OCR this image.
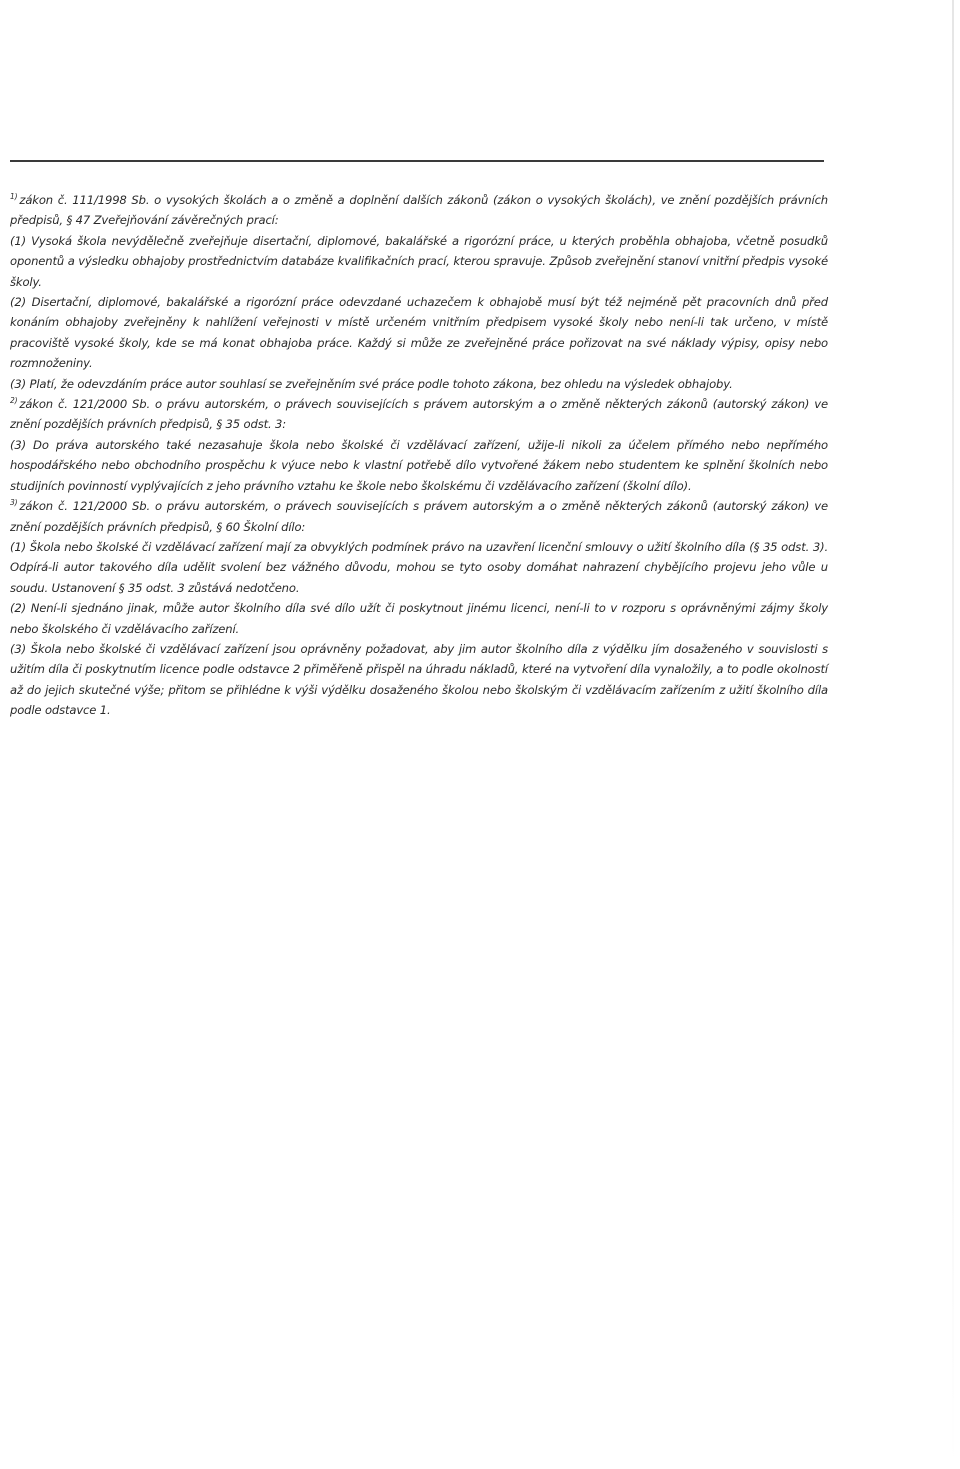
$^{1)}$ zákon č. 111/1998 Sb. o vysokých školách a o změně a doplnění dalších zákonů (zákon o vysokých školách), ve znění pozdějších právních předpisů, § 47 Zveřejňování závěrečných prací:

(1) Vysoká škola nevýdělečně zveřejňuje disertační, diplomové, bakalářské a rigorózní práce, u kterých proběhla obhajoba, včetně posudků oponentů a výsledku obhajoby prostřednictvím databáze kvalifikačních prací, kterou spravuje. Způsob zveřejnění stanoví vnitřní předpis vysoké školy.

(2) Disertační, diplomové, bakalářské a rigorózní práce odevzdané uchazečem k obhajobě musí být též nejméně pět pracovních dnů před konáním obhajoby zveřejněny k nahlížení veřejnosti v místě určeném vnitřním předpisem vysoké školy nebo není-li tak určeno, v místě pracoviště vysoké školy, kde se má konat obhajoba práce. Každý si může ze zveřejněné práce pořizovat na své náklady výpisy, opisy nebo rozmnoženiny.

(3) Platí, že odevzdáním práce autor souhlasí se zveřejněním své práce podle tohoto zákona, bez ohledu na výsledek obhajoby.

$^{2)}$ zákon č. 121/2000 Sb. o právu autorském, o právech souvisejících s právem autorským a o změně některých zákonů (autorský zákon) ve znění pozdějších právních předpisů, § 35 odst. 3:

(3) Do práva autorského také nezasahuje škola nebo školské či vzdělávací zařízení, užije-li nikoli za účelem přímého nebo nepřímého hospodářského nebo obchodního prospěchu k výuce nebo k vlastní potřebě dílo vytvořené žákem nebo studentem ke splnění školních nebo studijních povinností vyplývajících z jeho právního vztahu ke škole nebo školskému či vzdělávacího zařízení (školní dílo).

$^{3)}$ zákon č. 121/2000 Sb. o právu autorském, o právech souvisejících s právem autorským a o změně některých zákonů (autorský zákon) ve znění pozdějších právních předpisů, § 60 Školní dílo:

(1) Škola nebo školské či vzdělávací zařízení mají za obvyklých podmínek právo na uzavření licenční smlouvy o užití školního díla (§ 35 odst. 3). Odpírá-li autor takového díla udělit svolení bez vážného důvodu, mohou se tyto osoby domáhat nahrazení chybějícího projevu jeho vůle u soudu. Ustanovení § 35 odst. 3 zůstává nedotčeno.

(2) Není-li sjednáno jinak, může autor školního díla své dílo užít či poskytnout jinému licenci, není-li to v rozporu s oprávněnými zájmy školy nebo školského či vzdělávacího zařízení.

(3) Škola nebo školské či vzdělávací zařízení jsou oprávněny požadovat, aby jim autor školního díla z výdělku jím dosaženého v souvislosti s užitím díla či poskytnutím licence podle odstavce 2 přiměřeně přispěl na úhradu nákladů, které na vytvoření díla vynaložily, a to podle okolností až do jejich skutečné výše; přitom se přihlédne k výši výdělku dosaženého školou nebo školským či vzdělávacím zařízením z užití školního díla podle odstavce 1.
